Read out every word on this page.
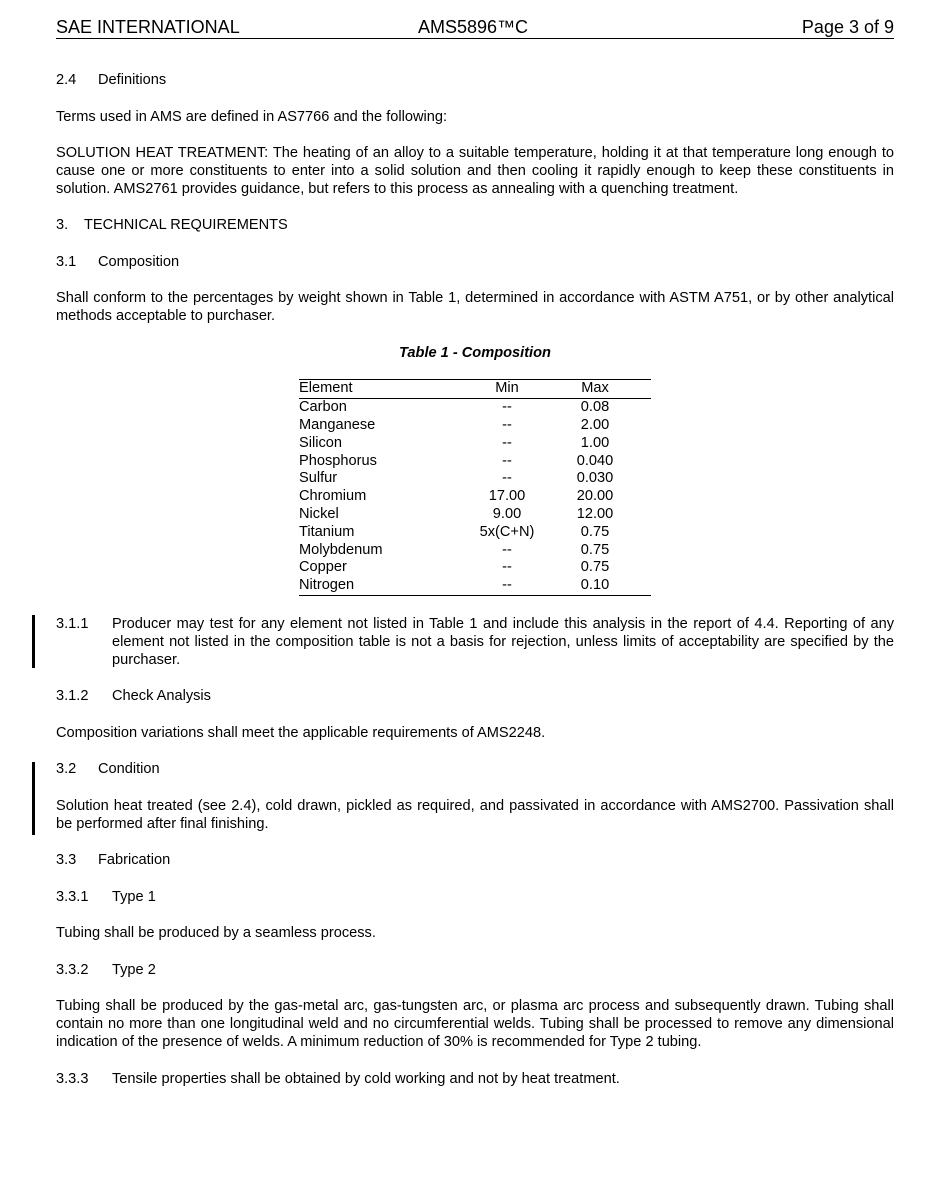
SAE INTERNATIONAL	AMS5896™C	Page 3 of 9

2.4 Definitions

Terms used in AMS are defined in AS7766 and the following:

SOLUTION HEAT TREATMENT: The heating of an alloy to a suitable temperature, holding it at that temperature long enough to cause one or more constituents to enter into a solid solution and then cooling it rapidly enough to keep these constituents in solution. AMS2761 provides guidance, but refers to this process as annealing with a quenching treatment.

3. TECHNICAL REQUIREMENTS

3.1 Composition

Shall conform to the percentages by weight shown in Table 1, determined in accordance with ASTM A751, or by other analytical methods acceptable to purchaser.

Table 1 - Composition
Element	Min	Max
Carbon	--	0.08
Manganese	--	2.00
Silicon	--	1.00
Phosphorus	--	0.040
Sulfur	--	0.030
Chromium	17.00	20.00
Nickel	9.00	12.00
Titanium	5x(C+N)	0.75
Molybdenum	--	0.75
Copper	--	0.75
Nitrogen	--	0.10
3.1.1 Producer may test for any element not listed in Table 1 and include this analysis in the report of 4.4. Reporting of any element not listed in the composition table is not a basis for rejection, unless limits of acceptability are specified by the purchaser.

3.1.2 Check Analysis

Composition variations shall meet the applicable requirements of AMS2248.

3.2 Condition

Solution heat treated (see 2.4), cold drawn, pickled as required, and passivated in accordance with AMS2700. Passivation shall be performed after final finishing.

3.3 Fabrication

3.3.1 Type 1

Tubing shall be produced by a seamless process.

3.3.2 Type 2

Tubing shall be produced by the gas-metal arc, gas-tungsten arc, or plasma arc process and subsequently drawn. Tubing shall contain no more than one longitudinal weld and no circumferential welds. Tubing shall be processed to remove any dimensional indication of the presence of welds. A minimum reduction of 30% is recommended for Type 2 tubing.

3.3.3 Tensile properties shall be obtained by cold working and not by heat treatment.
